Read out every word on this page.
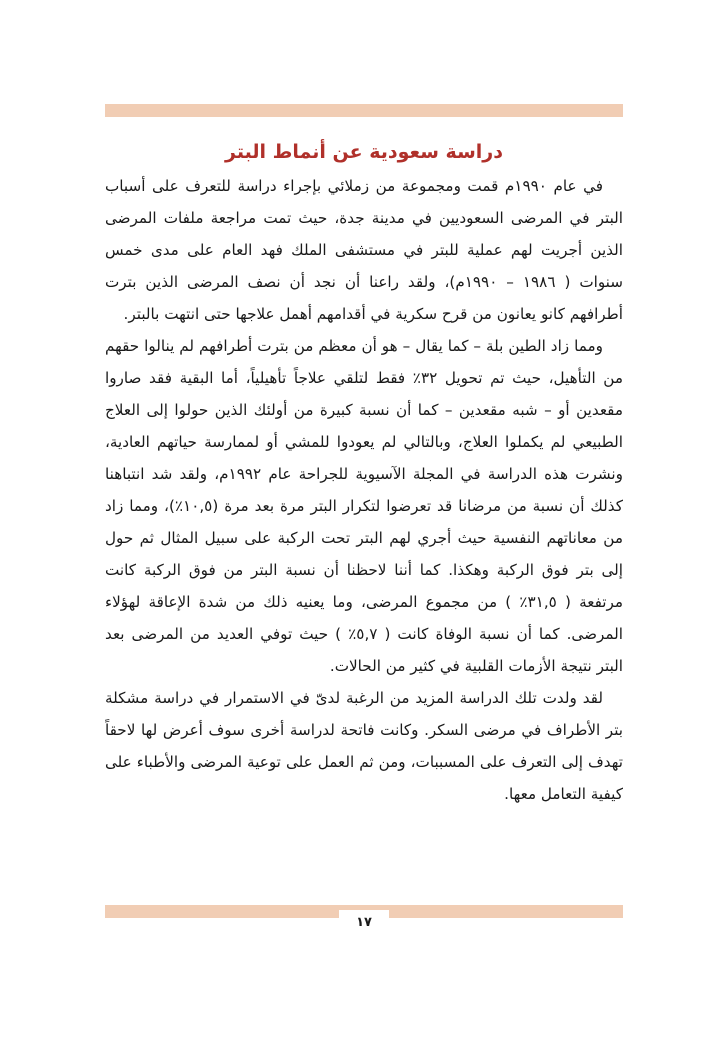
دراسة سعودية عن أنماط البتر

في عام ١٩٩٠م قمت ومجموعة من زملائي بإجراء دراسة للتعرف على أسباب البتر في المرضى السعوديين في مدينة جدة، حيث تمت مراجعة ملفات المرضى الذين أجريت لهم عملية للبتر في مستشفى الملك فهد العام على مدى خمس سنوات ( ١٩٨٦ – ١٩٩٠م)، ولقد راعنا أن نجد أن نصف المرضى الذين بترت أطرافهم كانو يعانون من قرح سكرية في أقدامهم أهمل علاجها حتى انتهت بالبتر.

ومما زاد الطين بلة – كما يقال – هو أن معظم من بترت أطرافهم لم ينالوا حقهم من التأهيل، حيث تم تحويل ٣٢٪ فقط لتلقي علاجاً تأهيلياً، أما البقية فقد صاروا مقعدين أو – شبه مقعدين – كما أن نسبة كبيرة من أولئك الذين حولوا إلى العلاج الطبيعي لم يكملوا العلاج، وبالتالي لم يعودوا للمشي أو لممارسة حياتهم العادية، ونشرت هذه الدراسة في المجلة الآسيوية للجراحة عام ١٩٩٢م، ولقد شد انتباهنا كذلك أن نسبة من مرضانا قد تعرضوا لتكرار البتر مرة بعد مرة (١٠,٥٪)، ومما زاد من معاناتهم النفسية حيث أجري لهم البتر تحت الركبة على سبيل المثال ثم حول إلى بتر فوق الركبة وهكذا. كما أننا لاحظنا أن نسبة البتر من فوق الركبة كانت مرتفعة ( ٣١,٥٪ ) من مجموع المرضى، وما يعنيه ذلك من شدة الإعاقة لهؤلاء المرضى. كما أن نسبة الوفاة كانت ( ٥,٧٪ ) حيث توفي العديد من المرضى بعد البتر نتيجة الأزمات القلبية في كثير من الحالات.

لقد ولدت تلك الدراسة المزيد من الرغبة لدىّ في الاستمرار في دراسة مشكلة بتر الأطراف في مرضى السكر. وكانت فاتحة لدراسة أخرى سوف أعرض لها لاحقاً تهدف إلى التعرف على المسببات، ومن ثم العمل على توعية المرضى والأطباء على كيفية التعامل معها.

١٧
